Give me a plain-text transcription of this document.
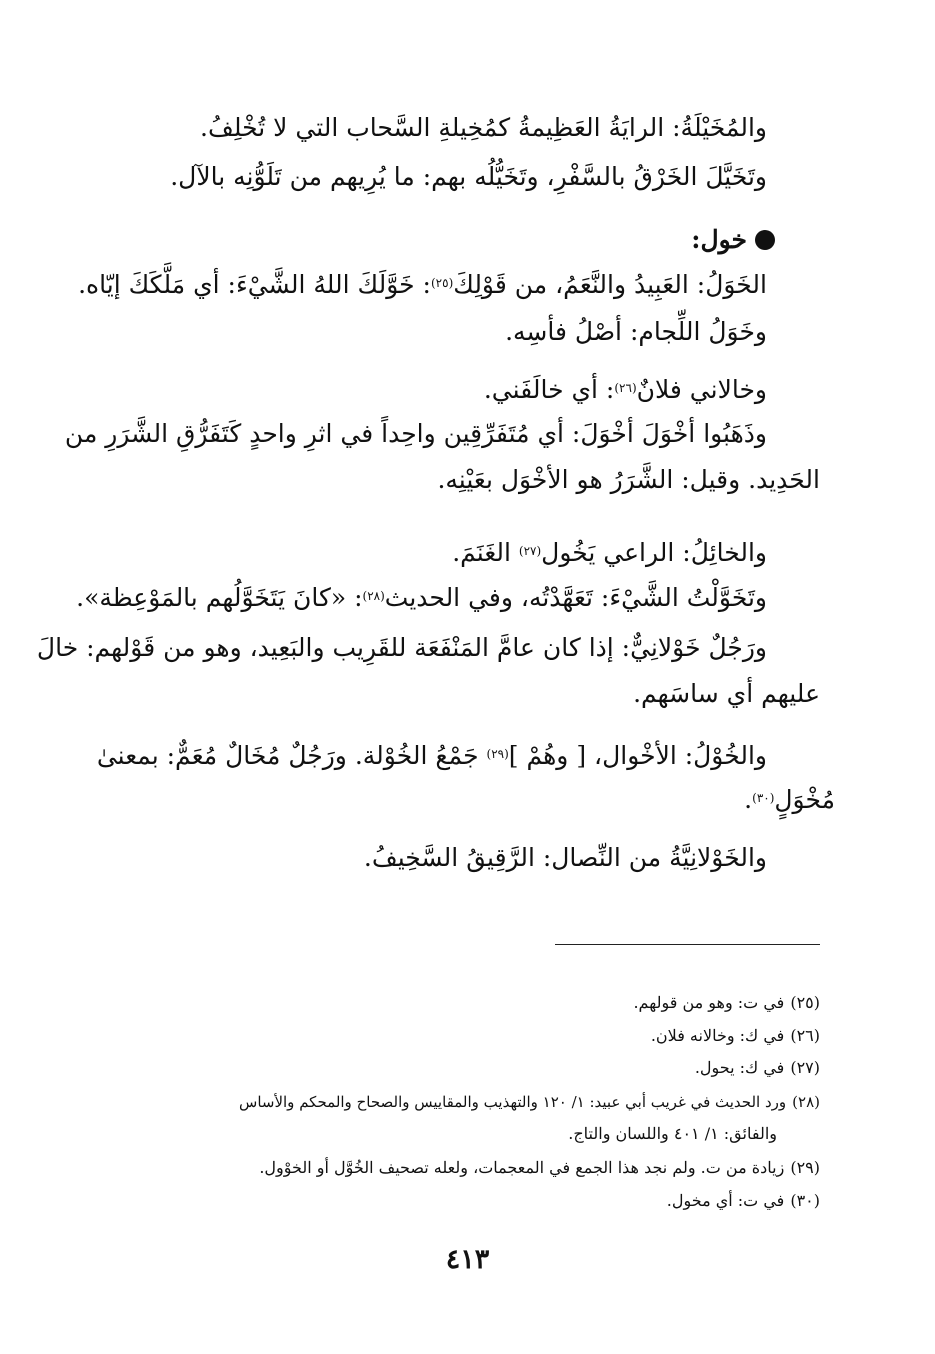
والمُخَيْلَةُ: الرايَةُ العَظِيمةُ كمُخِيلةِ السَّحاب التي لا تُخْلِفُ.
وتَخَيَّلَ الخَرْقُ بالسَّفْرِ، وتَخَيُّلُه بهم: ما يُرِيهم من تَلَوُّنِه بالآل.
خول:
الخَوَلُ: العَبِيدُ والنَّعَمُ، من قَوْلِكَ$^{(٢٥)}$: خَوَّلَكَ اللهُ الشَّيْءَ: أي مَلَّكَكَ إيّاه.
وخَوَلُ اللِّجام: أصْلُ فأسِه.
وخالاني فلانٌ$^{(٢٦)}$: أي خالَفَني.
وذَهَبُوا أخْوَلَ أخْوَلَ: أي مُتَفَرِّقِين واحِداً في اثرِ واحدٍ كَتَفَرُّقِ الشَّرَرِ من
الحَدِيد. وقيل: الشَّرَرُ هو الأخْوَل بعَيْنِه.
والخائِلُ: الراعي يَخُول$^{(٢٧)}$ الغَنَمَ.
وتَخَوَّلْتُ الشَّيْءَ: تَعَهَّدْتُه، وفي الحديث$^{(٢٨)}$: «كانَ يَتَخَوَّلُهم بالمَوْعِظة».
ورَجُلٌ خَوْلانِيٌّ: إذا كان عامَّ المَنْفَعَة للقَرِيب والبَعِيد، وهو من قَوْلهم: خالَ
عليهم أي ساسَهم.
والخُوْلُ: الأخْوال، [ وهُمْ ]$^{(٢٩)}$ جَمْعُ الخُوْلة. ورَجُلٌ مُخَالٌ مُعَمٌّ: بمعنىٰ
مُخْوَلٍ$^{(٣٠)}$.
والخَوْلانِيَّةُ من النِّصال: الرَّقِيقُ السَّخِيفُ.
(٢٥)في ت: وهو من قولهم.
(٢٦)في ك: وخالانه فلان.
(٢٧)في ك: يحول.
(٢٨)ورد الحديث في غريب أبي عبيد: ١/ ١٢٠ والتهذيب والمقاييس والصحاح والمحكم والأساس
والفائق: ١/ ٤٠١ واللسان والتاج.
(٢٩)زيادة من ت. ولم نجد هذا الجمع في المعجمات، ولعله تصحيف الخُوَّل أو الخوْول.
(٣٠)في ت: أي مخول.
٤١٣
